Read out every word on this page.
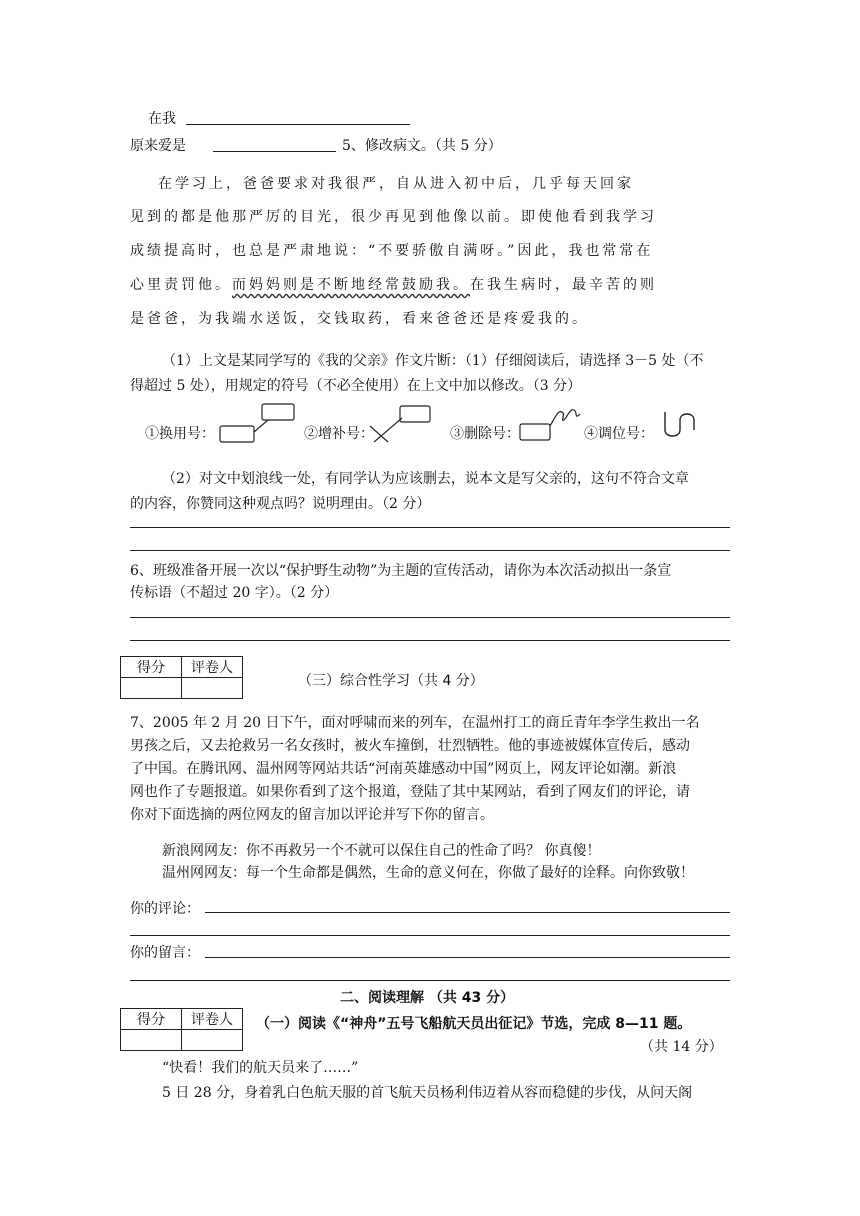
在我
原来爱是	5、修改病文。（共 5 分）
在学习上，爸爸要求对我很严，自从进入初中后，几乎每天回家
见到的都是他那严厉的目光，很少再见到他像以前。即使他看到我学习
成绩提高时，也总是严肃地说：“不要骄傲自满呀。”因此，我也常常在
心里责罚他。而妈妈则是不断地经常鼓励我。在我生病时，最辛苦的则
是爸爸，为我端水送饭，交钱取药，看来爸爸还是疼爱我的。
（1）上文是某同学写的《我的父亲》作文片断：（1）仔细阅读后，请选择 3－5 处（不
得超过 5 处），用规定的符号（不必全使用）在上文中加以修改。（3 分）
①换用号：	②增补号：	③删除号：	④调位号：
（2）对文中划浪线一处，有同学认为应该删去，说本文是写父亲的，这句不符合文章
的内容，你赞同这种观点吗？说明理由。（2 分）
6、班级准备开展一次以“保护野生动物”为主题的宣传活动，请你为本次活动拟出一条宣
传标语（不超过 20 字）。（2 分）
得分	评卷人

（三）综合性学习（共 4 分）
7、2005 年 2 月 20 日下午，面对呼啸而来的列车，在温州打工的商丘青年李学生救出一名
男孩之后，又去抢救另一名女孩时，被火车撞倒，壮烈牺牲。他的事迹被媒体宣传后，感动
了中国。在腾讯网、温州网等网站共话“河南英雄感动中国”网页上，网友评论如潮。新浪
网也作了专题报道。如果你看到了这个报道，登陆了其中某网站，看到了网友们的评论，请
你对下面选摘的两位网友的留言加以评论并写下你的留言。
新浪网网友：你不再救另一个不就可以保住自己的性命了吗？ 你真傻！
温州网网友：每一个生命都是偶然，生命的意义何在，你做了最好的诠释。向你致敬！
你的评论：
你的留言：
二、阅读理解 （共 43 分）
得分	评卷人
	（一）阅读《“神舟”五号飞船航天员出征记》节选，完成 8—11 题。
（共 14 分）
“快看！我们的航天员来了……”
5 日 28 分，身着乳白色航天服的首飞航天员杨利伟迈着从容而稳健的步伐，从问天阁
